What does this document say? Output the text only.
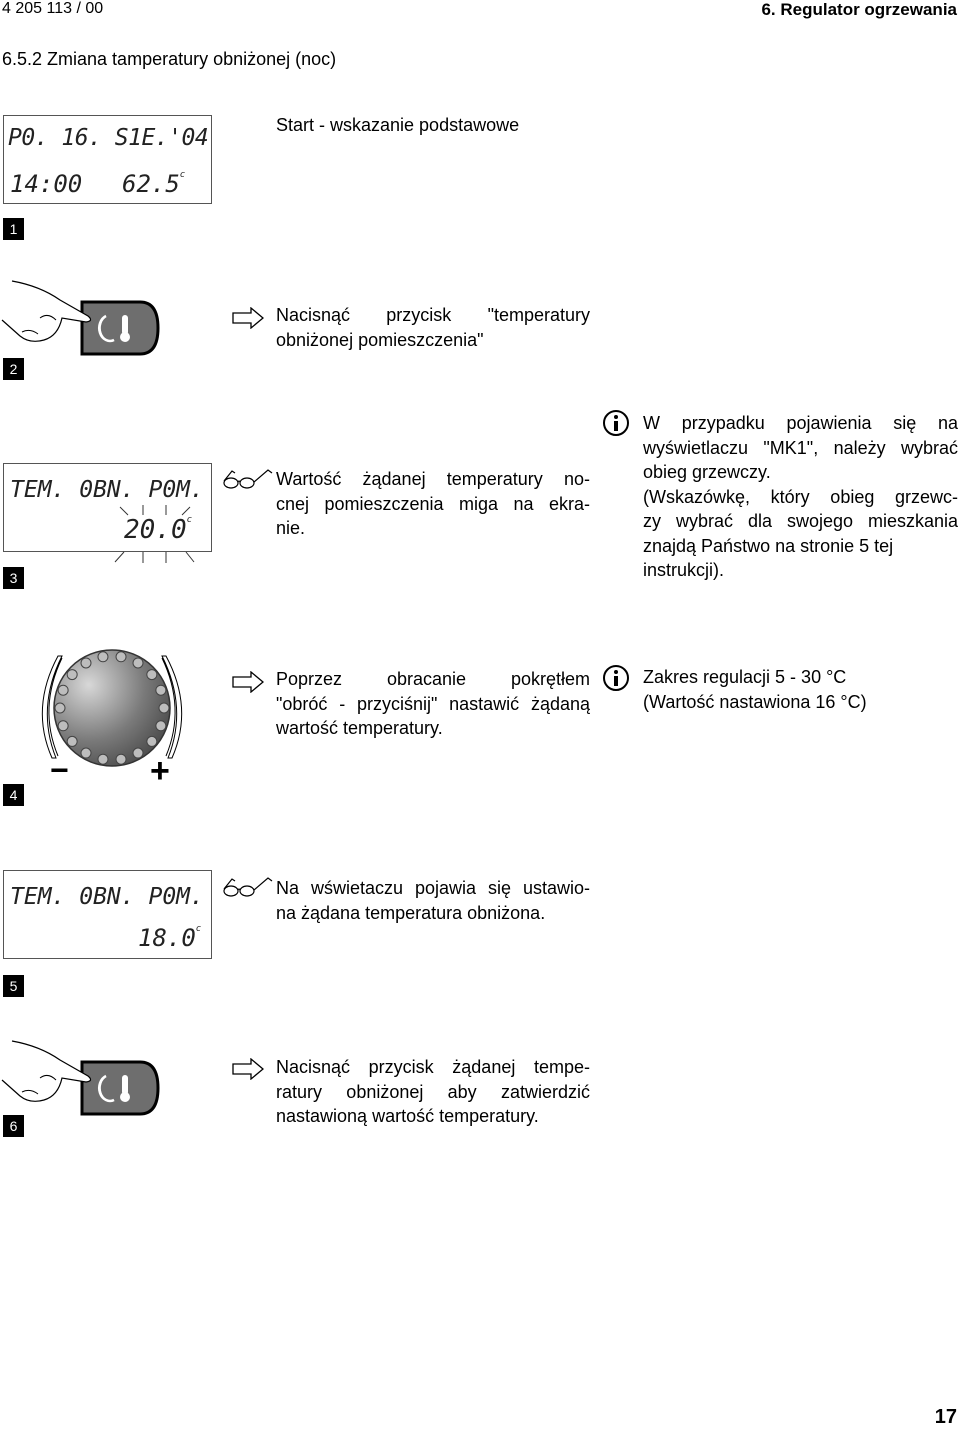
4 205 113 / 00	6. Regulator ogrzewania
6.5.2 Zmiana tamperatury obniżonej (noc)
P0. 16. S1E.'04
14:00 62.5$^c$
Start - wskazanie podstawowe
1
Nacisnąć przycisk "temperatury
obniżonej pomieszczenia"
2
TEM. 0BN. P0M.
20.0$^c$
Wartość żądanej temperatury no-
cnej pomieszczenia miga na ekra-
nie.
W przypadku pojawienia się na
wyświetlaczu "MK1", należy wybrać
obieg grzewczy.
(Wskazówkę, który obieg grzewc-
zy wybrać dla swojego mieszkania
znajdą Państwo na stronie 5 tej
instrukcji).
3
− +
Poprzez obracanie pokrętłem
"obróć - przyciśnij" nastawić żądaną
wartość temperatury.
Zakres regulacji 5 - 30 °C
(Wartość nastawiona 16 °C)
4
TEM. 0BN. P0M.
18.0$^c$
Na wświetaczu pojawia się ustawio-
na żądana temperatura obniżona.
5
Nacisnąć przycisk żądanej tempe-
ratury obniżonej aby zatwierdzić
nastawioną wartość temperatury.
6
17
